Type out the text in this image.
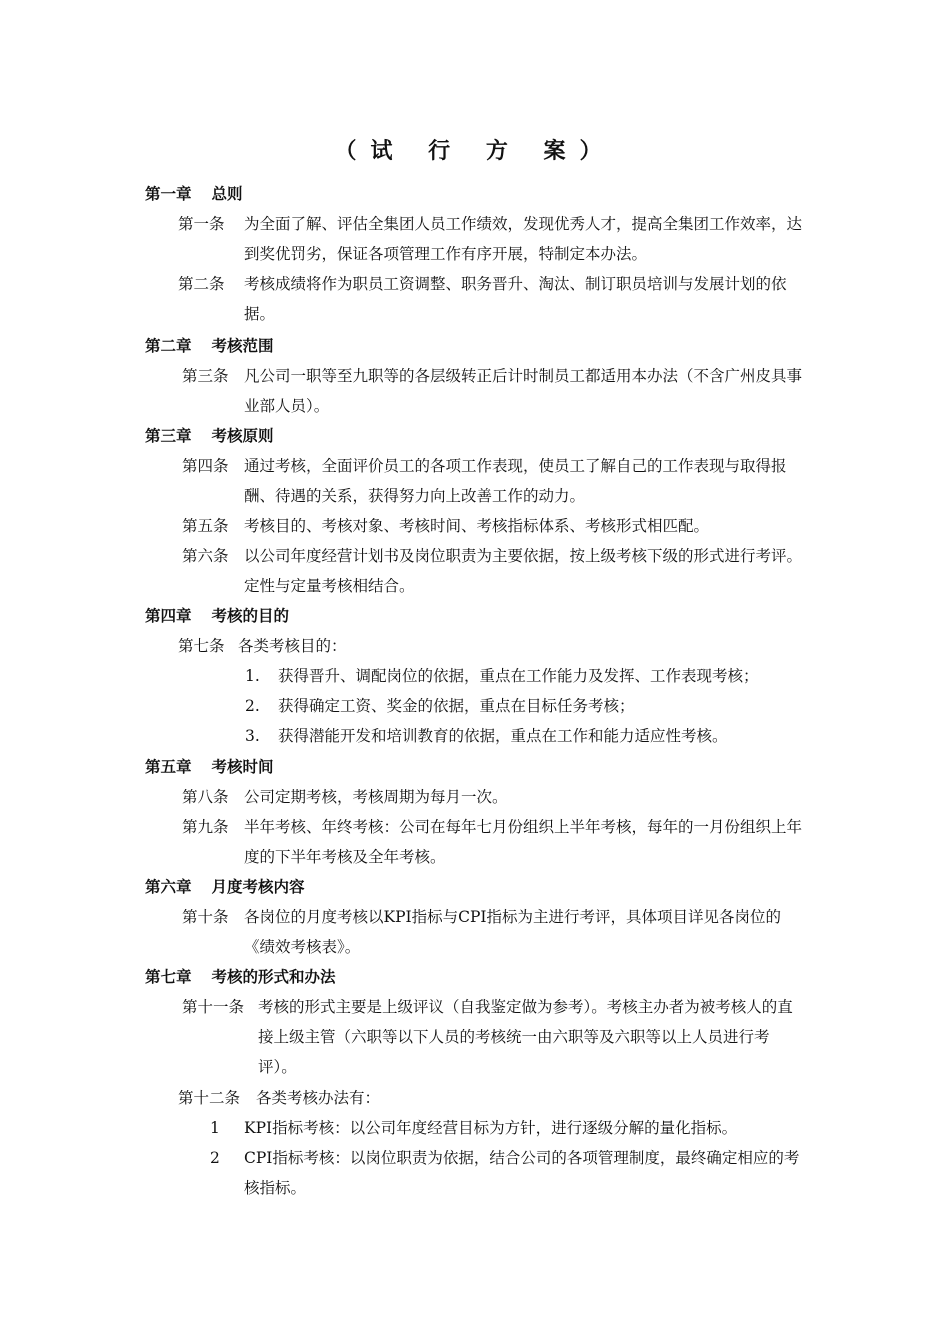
（试 行 方 案）
第一章 总则
第一条	为全面了解、评估全集团人员工作绩效，发现优秀人才，提高全集团工作效率，达到奖优罚劣，保证各项管理工作有序开展，特制定本办法。
第二条	考核成绩将作为职员工资调整、职务晋升、淘汰、制订职员培训与发展计划的依据。
第二章 考核范围
第三条 凡公司一职等至九职等的各层级转正后计时制员工都适用本办法（不含广州皮具事业部人员）。
第三章 考核原则
第四条 通过考核，全面评价员工的各项工作表现，使员工了解自己的工作表现与取得报酬、待遇的关系，获得努力向上改善工作的动力。
第五条 考核目的、考核对象、考核时间、考核指标体系、考核形式相匹配。
第六条 以公司年度经营计划书及岗位职责为主要依据，按上级考核下级的形式进行考评。定性与定量考核相结合。
第四章 考核的目的
第七条 各类考核目的：
1.	获得晋升、调配岗位的依据，重点在工作能力及发挥、工作表现考核；
2.	获得确定工资、奖金的依据，重点在目标任务考核；
3.	获得潜能开发和培训教育的依据，重点在工作和能力适应性考核。
第五章 考核时间
第八条 公司定期考核，考核周期为每月一次。
第九条 半年考核、年终考核：公司在每年七月份组织上半年考核，每年的一月份组织上年度的下半年考核及全年考核。
第六章 月度考核内容
第十条 各岗位的月度考核以KPI指标与CPI指标为主进行考评，具体项目详见各岗位的《绩效考核表》。
第七章 考核的形式和办法
第十一条 考核的形式主要是上级评议（自我鉴定做为参考）。考核主办者为被考核人的直接上级主管（六职等以下人员的考核统一由六职等及六职等以上人员进行考评）。
第十二条	各类考核办法有：
1	KPI指标考核：以公司年度经营目标为方针，进行逐级分解的量化指标。
2	CPI指标考核：以岗位职责为依据，结合公司的各项管理制度，最终确定相应的考核指标。
